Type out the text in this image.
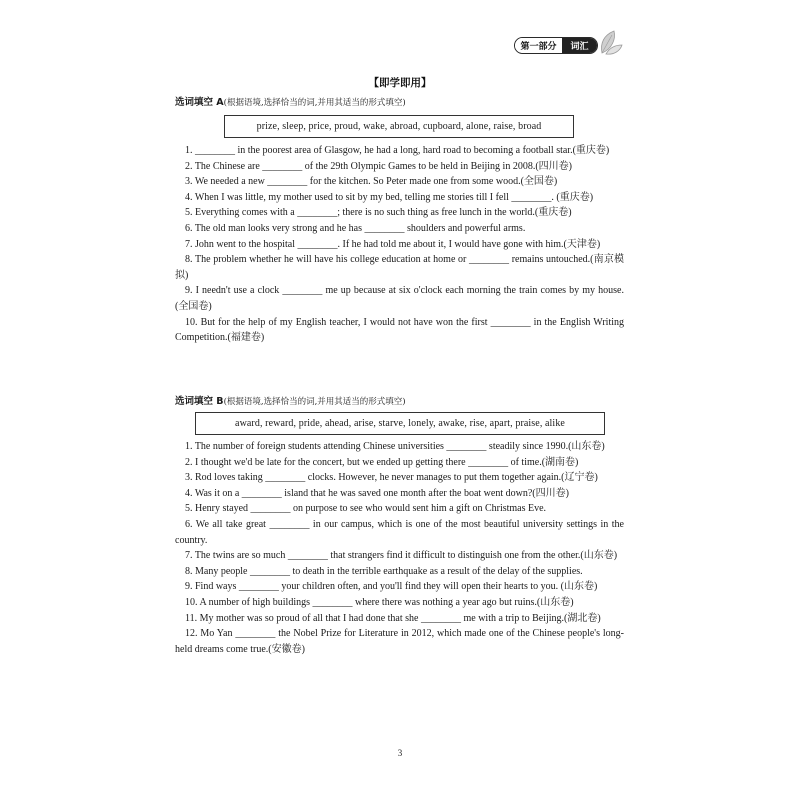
第一部分	词汇
【即学即用】
选词填空 A(根据语境,选择恰当的词,并用其适当的形式填空)
prize, sleep, price, proud, wake, abroad, cupboard, alone, raise, broad
1. ________ in the poorest area of Glasgow, he had a long, hard road to becoming a football star.(重庆卷)
2. The Chinese are ________ of the 29th Olympic Games to be held in Beijing in 2008.(四川卷)
3. We needed a new ________ for the kitchen. So Peter made one from some wood.(全国卷)
4. When I was little, my mother used to sit by my bed, telling me stories till I fell ________. (重庆卷)
5. Everything comes with a ________; there is no such thing as free lunch in the world.(重庆卷)
6. The old man looks very strong and he has ________ shoulders and powerful arms.
7. John went to the hospital ________. If he had told me about it, I would have gone with him.(天津卷)
8. The problem whether he will have his college education at home or ________ remains untouched.(南京模拟)
9. I needn't use a clock ________ me up because at six o'clock each morning the train comes by my house.(全国卷)
10. But for the help of my English teacher, I would not have won the first ________ in the English Writing Competition.(福建卷)
选词填空 B(根据语境,选择恰当的词,并用其适当的形式填空)
award, reward, pride, ahead, arise, starve, lonely, awake, rise, apart, praise, alike
1. The number of foreign students attending Chinese universities ________ steadily since 1990.(山东卷)
2. I thought we'd be late for the concert, but we ended up getting there ________ of time.(湖南卷)
3. Rod loves taking ________ clocks. However, he never manages to put them together again.(辽宁卷)
4. Was it on a ________ island that he was saved one month after the boat went down?(四川卷)
5. Henry stayed ________ on purpose to see who would sent him a gift on Christmas Eve.
6. We all take great ________ in our campus, which is one of the most beautiful university settings in the country.
7. The twins are so much ________ that strangers find it difficult to distinguish one from the other.(山东卷)
8. Many people ________ to death in the terrible earthquake as a result of the delay of the supplies.
9. Find ways ________ your children often, and you'll find they will open their hearts to you. (山东卷)
10. A number of high buildings ________ where there was nothing a year ago but ruins.(山东卷)
11. My mother was so proud of all that I had done that she ________ me with a trip to Beijing.(湖北卷)
12. Mo Yan ________ the Nobel Prize for Literature in 2012, which made one of the Chinese people's long-held dreams come true.(安徽卷)
3
